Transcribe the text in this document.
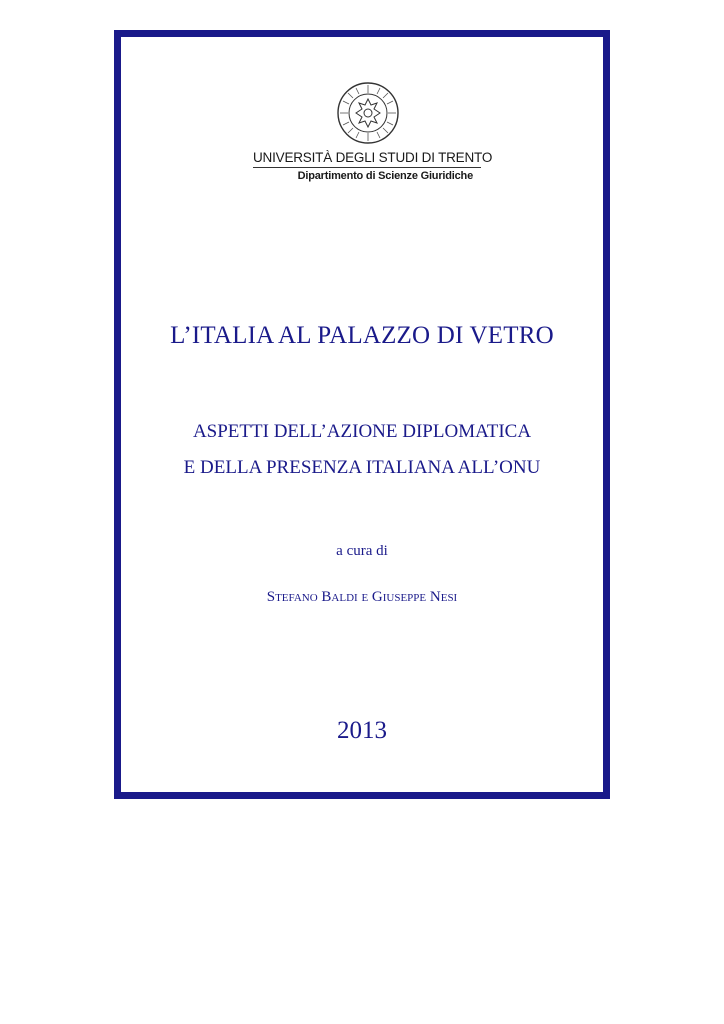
UNIVERSITÀ DEGLI STUDI DI TRENTO
Dipartimento di Scienze Giuridiche
L’ITALIA AL PALAZZO DI VETRO
ASPETTI DELL’AZIONE DIPLOMATICA
E DELLA PRESENZA ITALIANA ALL’ONU
a cura di
Stefano Baldi e Giuseppe Nesi
2013
